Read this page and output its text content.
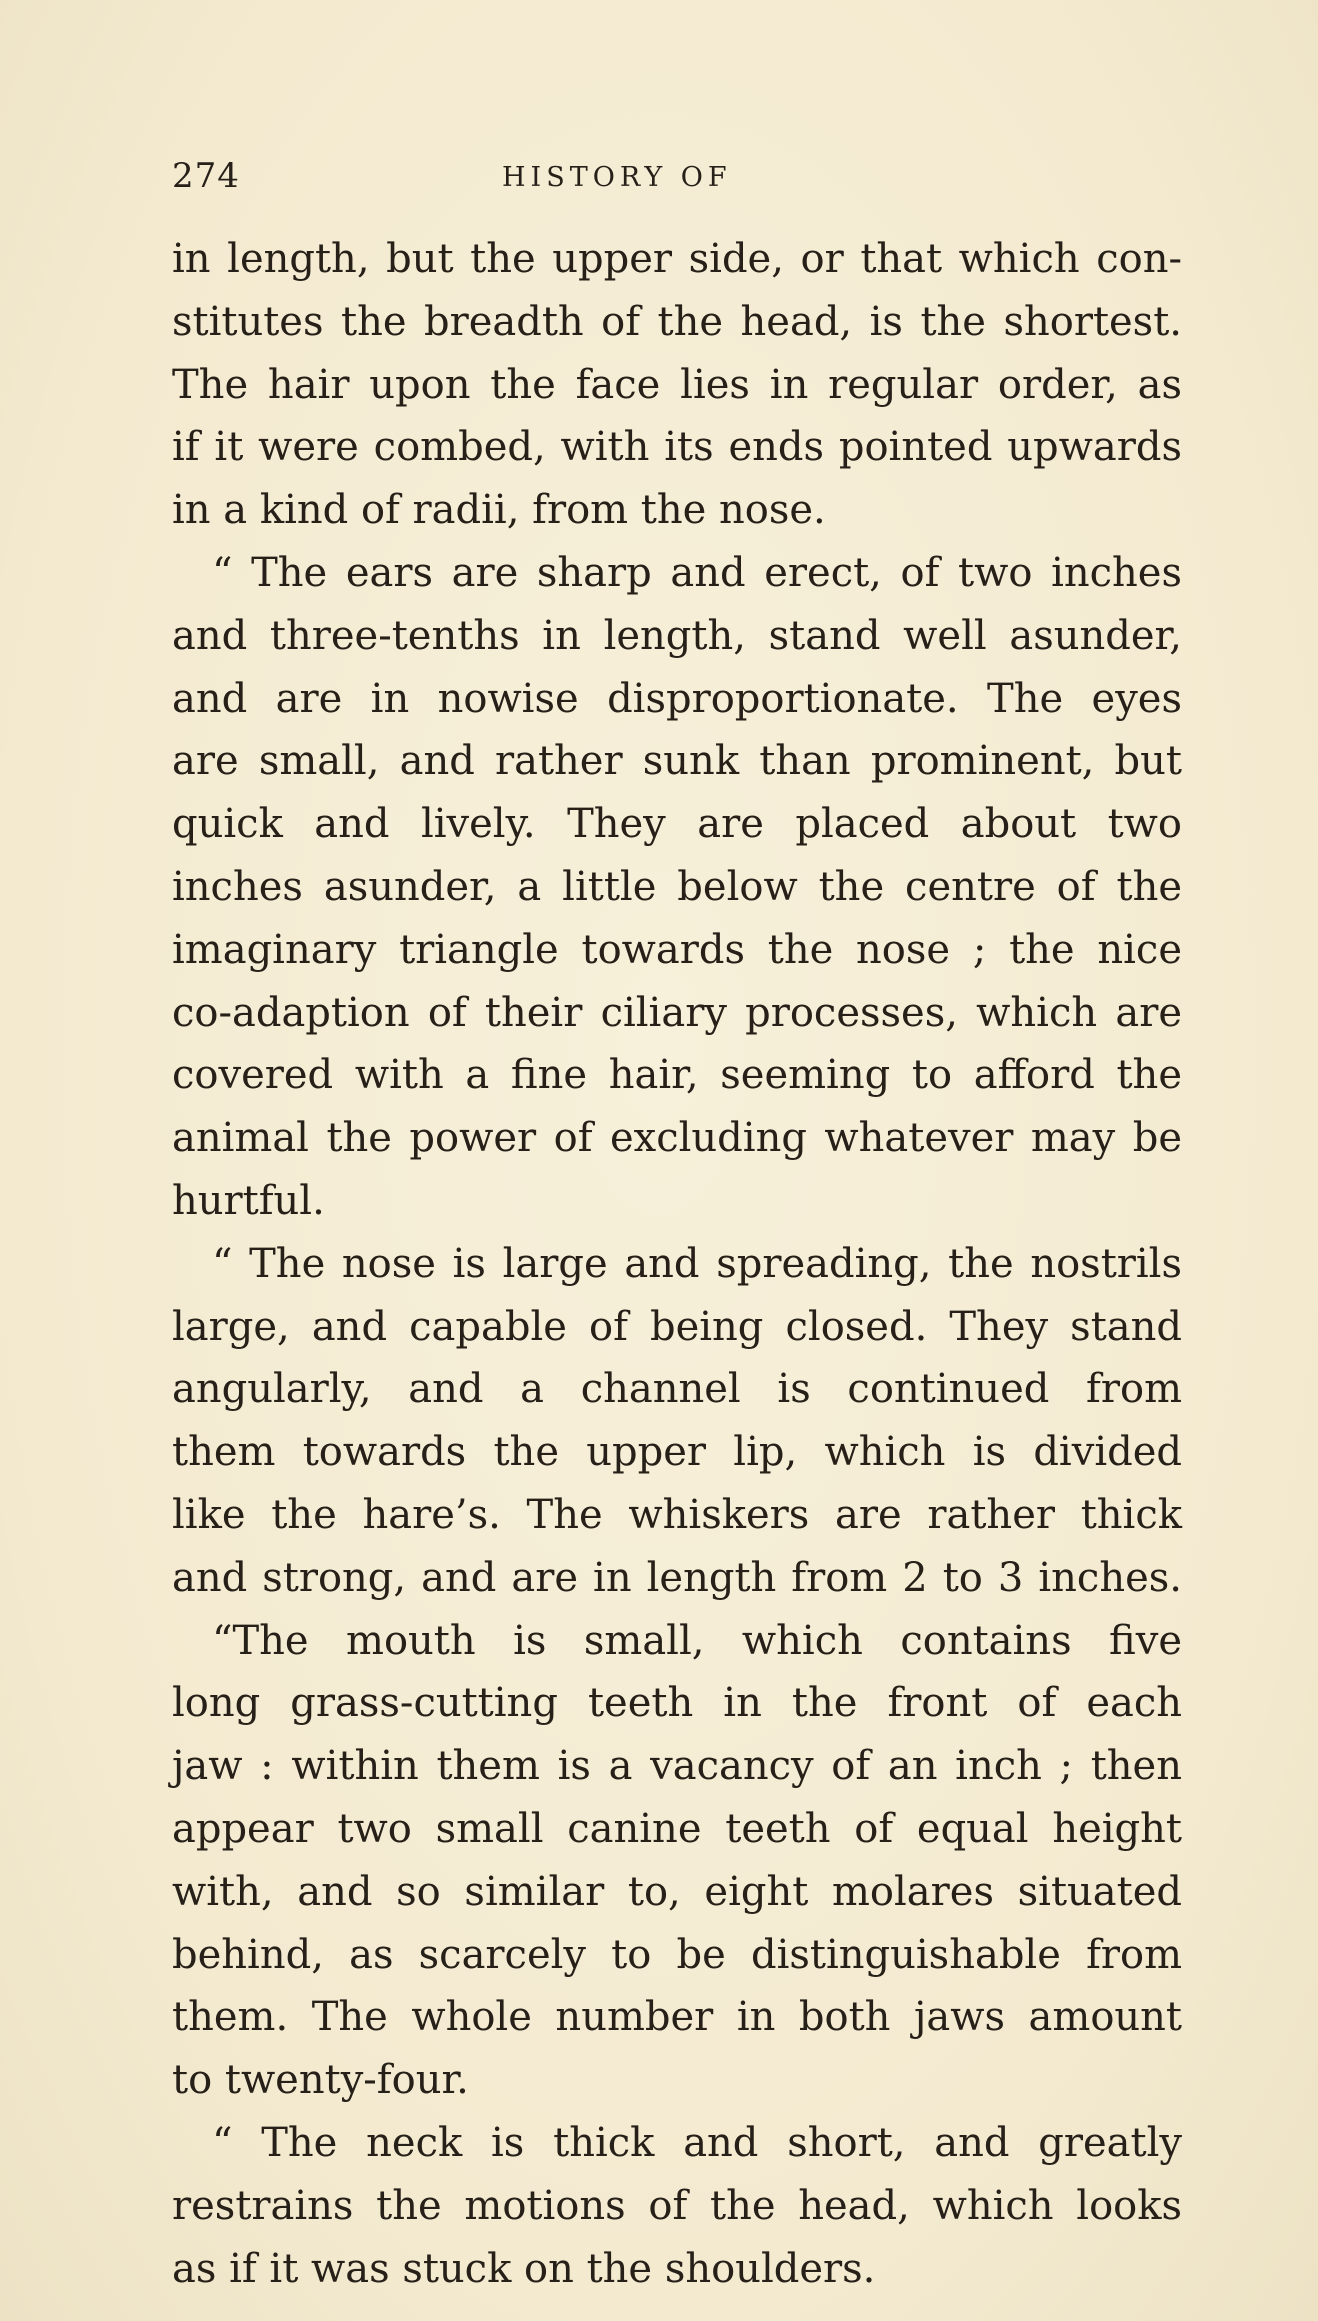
274	HISTORY OF
in length, but the upper side, or that which con-
stitutes the breadth of the head, is the shortest.
The hair upon the face lies in regular order, as
if it were combed, with its ends pointed upwards
in a kind of radii, from the nose.
“ The ears are sharp and erect, of two inches
and three-tenths in length, stand well asunder,
and are in nowise disproportionate. The eyes
are small, and rather sunk than prominent, but
quick and lively. They are placed about two
inches asunder, a little below the centre of the
imaginary triangle towards the nose ; the nice
co-adaption of their ciliary processes, which are
covered with a fine hair, seeming to afford the
animal the power of excluding whatever may be
hurtful.
“ The nose is large and spreading, the nostrils
large, and capable of being closed. They stand
angularly, and a channel is continued from
them towards the upper lip, which is divided
like the hare’s. The whiskers are rather thick
and strong, and are in length from 2 to 3 inches.
“The mouth is small, which contains five
long grass-cutting teeth in the front of each
jaw : within them is a vacancy of an inch ; then
appear two small canine teeth of equal height
with, and so similar to, eight molares situated
behind, as scarcely to be distinguishable from
them. The whole number in both jaws amount
to twenty-four.
“ The neck is thick and short, and greatly
restrains the motions of the head, which looks
as if it was stuck on the shoulders.
